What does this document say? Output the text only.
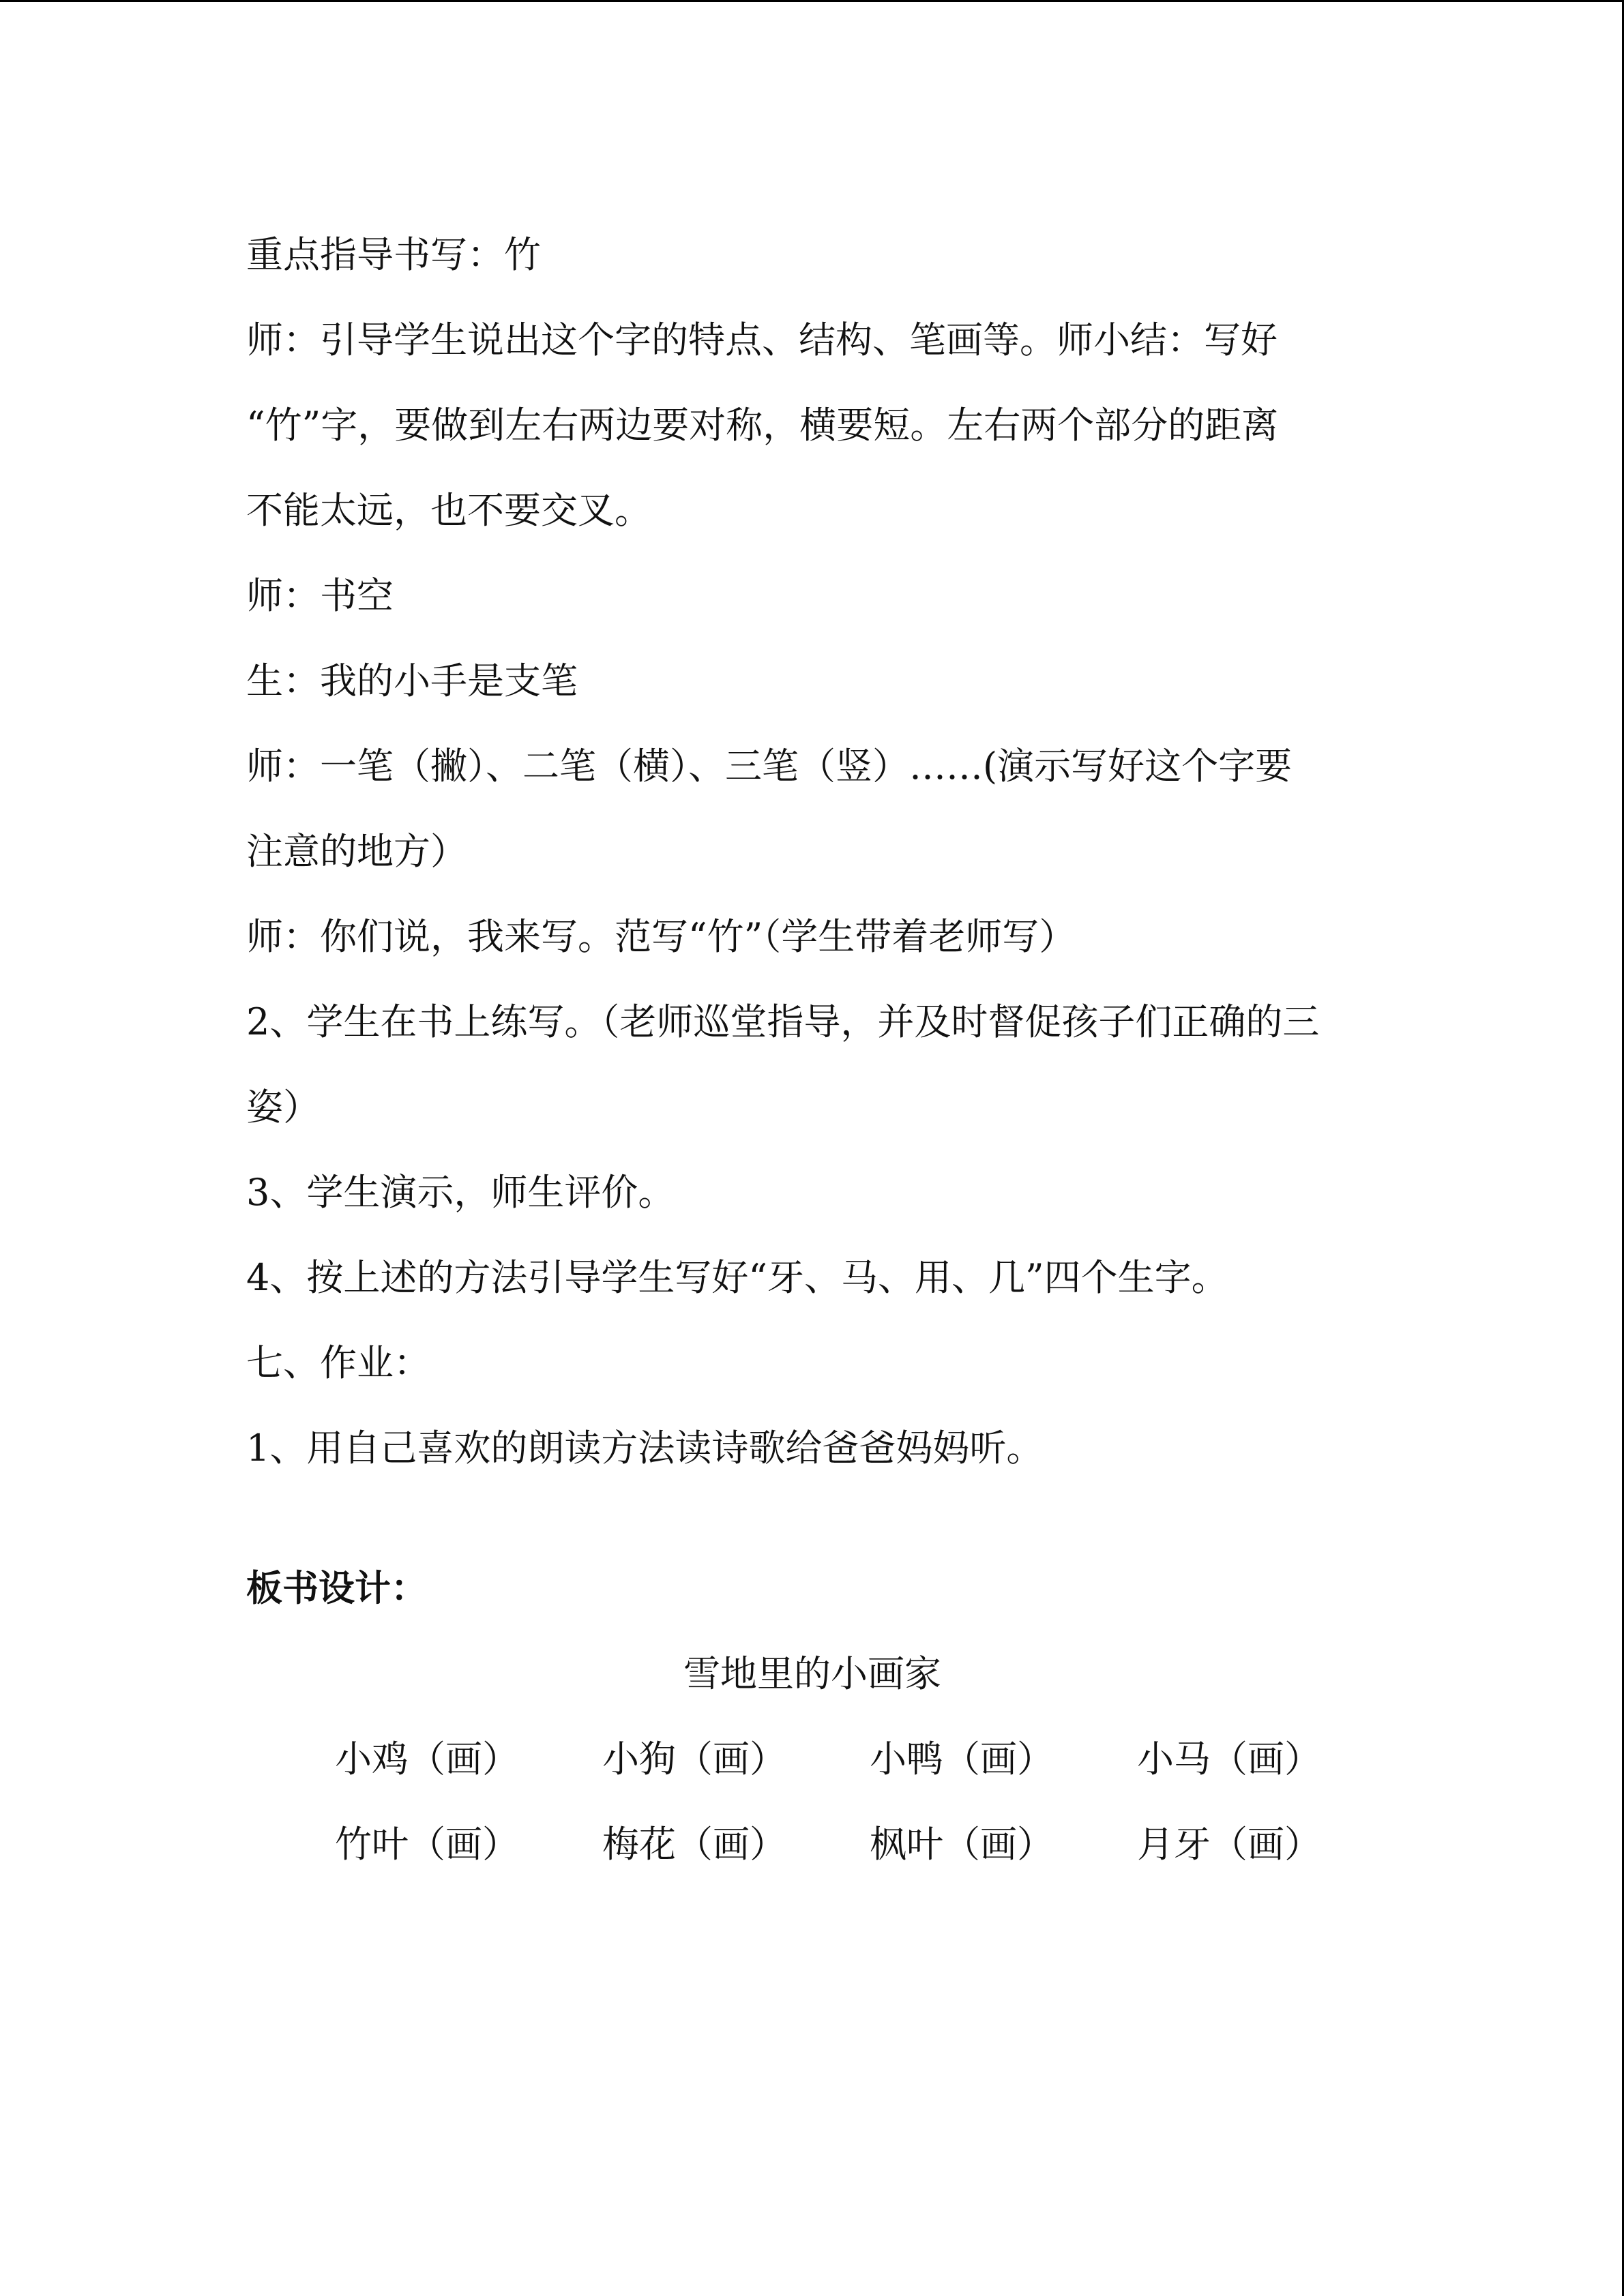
重点指导书写：竹
师：引导学生说出这个字的特点、结构、笔画等。师小结：写好
“竹”字，要做到左右两边要对称，横要短。左右两个部分的距离
不能太远，也不要交叉。
师：书空
生：我的小手是支笔
师：一笔（撇）、二笔（横）、三笔（竖）……(演示写好这个字要
注意的地方）
师：你们说，我来写。范写“竹”（学生带着老师写）
2、学生在书上练写。（老师巡堂指导，并及时督促孩子们正确的三
姿）
3、学生演示，师生评价。
4、按上述的方法引导学生写好“牙、马、用、几”四个生字。
七、作业：
1、用自己喜欢的朗读方法读诗歌给爸爸妈妈听。
板书设计：
雪地里的小画家
小鸡（画）	小狗（画）	小鸭（画）	小马（画）
竹叶（画）	梅花（画）	枫叶（画）	月牙（画）
